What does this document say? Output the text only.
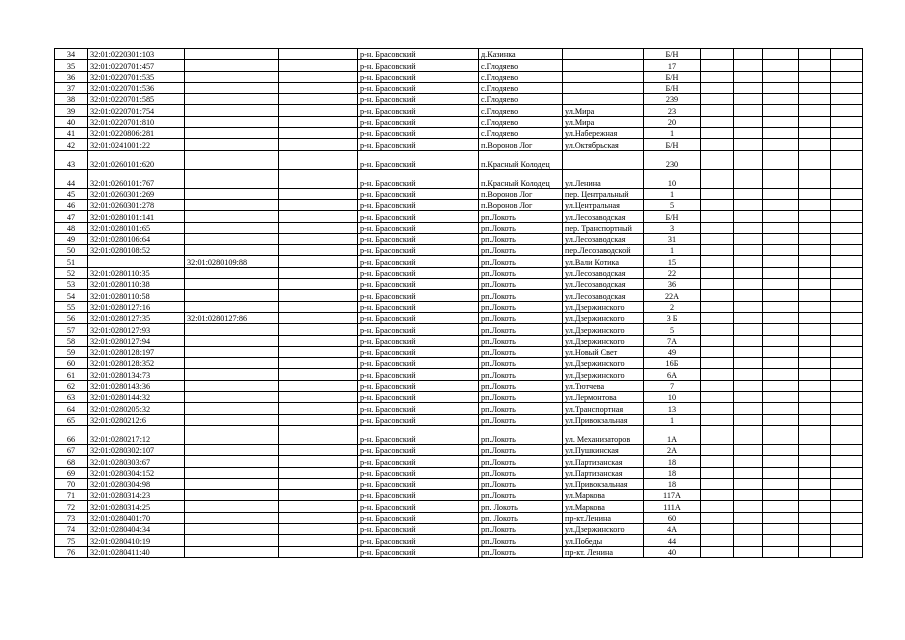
34	32:01:0220301:103			р-н. Брасовский	д.Казинка		Б/Н					
35	32:01:0220701:457			р-н. Брасовский	с.Глодяево		17					
36	32:01:0220701:535			р-н. Брасовский	с.Глодяево		Б/Н					
37	32:01:0220701:536			р-н. Брасовский	с.Глодяево		Б/Н					
38	32:01:0220701:585			р-н. Брасовский	с.Глодяево		239					
39	32:01:0220701:754			р-н. Брасовский	с.Глодяево	ул.Мира	23					
40	32:01:0220701:810			р-н. Брасовский	с.Глодяево	ул.Мира	20					
41	32:01:0220806:281			р-н. Брасовский	с.Глодяево	ул.Набережная	1					
42	32:01:0241001:22			р-н. Брасовский	п.Воронов Лог	ул.Октябрьская	Б/Н					
43	32:01:0260101:620			р-н. Брасовский	п.Красный Колодец		230					
44	32:01:0260101:767			р-н. Брасовский	п.Красный Колодец	ул.Ленина	10					
45	32:01:0260301:269			р-н. Брасовский	п.Воронов Лог	пер. Центральный	1					
46	32:01:0260301:278			р-н. Брасовский	п.Воронов Лог	ул.Центральная	5					
47	32:01:0280101:141			р-н. Брасовский	рп.Локоть	ул.Лесозаводская	Б/Н					
48	32:01:0280101:65			р-н. Брасовский	рп.Локоть	пер. Транспортный	3					
49	32:01:0280106:64			р-н. Брасовский	рп.Локоть	ул.Лесозаводская	31					
50	32:01:0280108:52			р-н. Брасовский	рп.Локоть	пер.Лесозаводской	1					
51		32:01:0280109:88		р-н. Брасовский	рп.Локоть	ул.Вали Котика	15					
52	32:01:0280110:35			р-н. Брасовский	рп.Локоть	ул.Лесозаводская	22					
53	32:01:0280110:38			р-н. Брасовский	рп.Локоть	ул.Лесозаводская	36					
54	32:01:0280110:58			р-н. Брасовский	рп.Локоть	ул.Лесозаводская	22А					
55	32:01:0280127:16			р-н. Брасовский	рп.Локоть	ул.Дзержинского	2					
56	32:01:0280127:35	32:01:0280127:86		р-н. Брасовский	рп.Локоть	ул.Дзержинского	3 Б					
57	32:01:0280127:93			р-н. Брасовский	рп.Локоть	ул.Дзержинского	5					
58	32:01:0280127:94			р-н. Брасовский	рп.Локоть	ул.Дзержинского	7А					
59	32:01:0280128:197			р-н. Брасовский	рп.Локоть	ул.Новый Свет	49					
60	32:01:0280128:352			р-н. Брасовский	рп.Локоть	ул.Дзержинского	16Б					
61	32:01:0280134:73			р-н. Брасовский	рп.Локоть	ул.Дзержинского	6А					
62	32:01:0280143:36			р-н. Брасовский	рп.Локоть	ул.Тютчева	7					
63	32:01:0280144:32			р-н. Брасовский	рп.Локоть	ул.Лермонтова	10					
64	32:01:0280205:32			р-н. Брасовский	рп.Локоть	ул.Транспортная	13					
65	32:01:0280212:6			р-н. Брасовский	рп.Локоть	ул.Привокзальная	1					
66	32:01:0280217:12			р-н. Брасовский	рп.Локоть	ул. Механизаторов	1А					
67	32:01:0280302:107			р-н. Брасовский	рп.Локоть	ул.Пушкинская	2А					
68	32:01:0280303:67			р-н. Брасовский	рп.Локоть	ул.Партизанская	18					
69	32:01:0280304:152			р-н. Брасовский	рп.Локоть	ул.Партизанская	18					
70	32:01:0280304:98			р-н. Брасовский	рп.Локоть	ул.Привокзальная	18					
71	32:01:0280314:23			р-н. Брасовский	рп.Локоть	ул.Маркова	117А					
72	32:01:0280314:25			р-н. Брасовский	рп. Локоть	ул.Маркова	111А					
73	32:01:0280401:70			р-н. Брасовский	рп. Локоть	пр-кт.Ленина	60					
74	32:01:0280404:34			р-н. Брасовский	рп.Локоть	ул.Дзержинского	4А					
75	32:01:0280410:19			р-н. Брасовский	рп.Локоть	ул.Победы	44					
76	32:01:0280411:40			р-н. Брасовский	рп.Локоть	пр-кт. Ленина	40					
